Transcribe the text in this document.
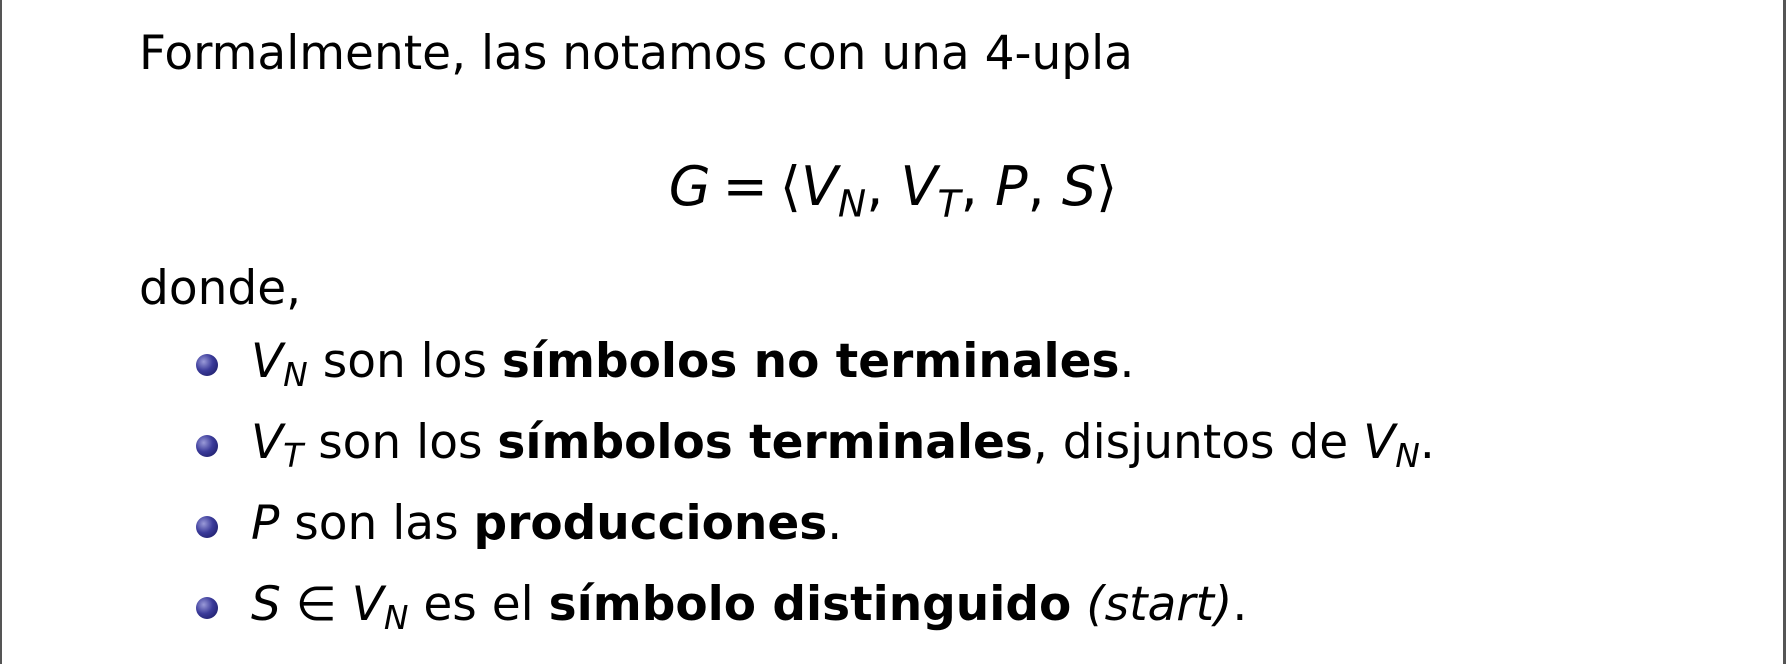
Formalmente, las notamos con una 4-upla
$G = ⟨V_N$, $V_T$, P, S⟩
donde,
$V_N$ son los símbolos no terminales.
$V_T$ son los símbolos terminales, disjuntos de $V_N$.
P son las producciones.
S ∈ $V_N$ es el símbolo distinguido (start).
